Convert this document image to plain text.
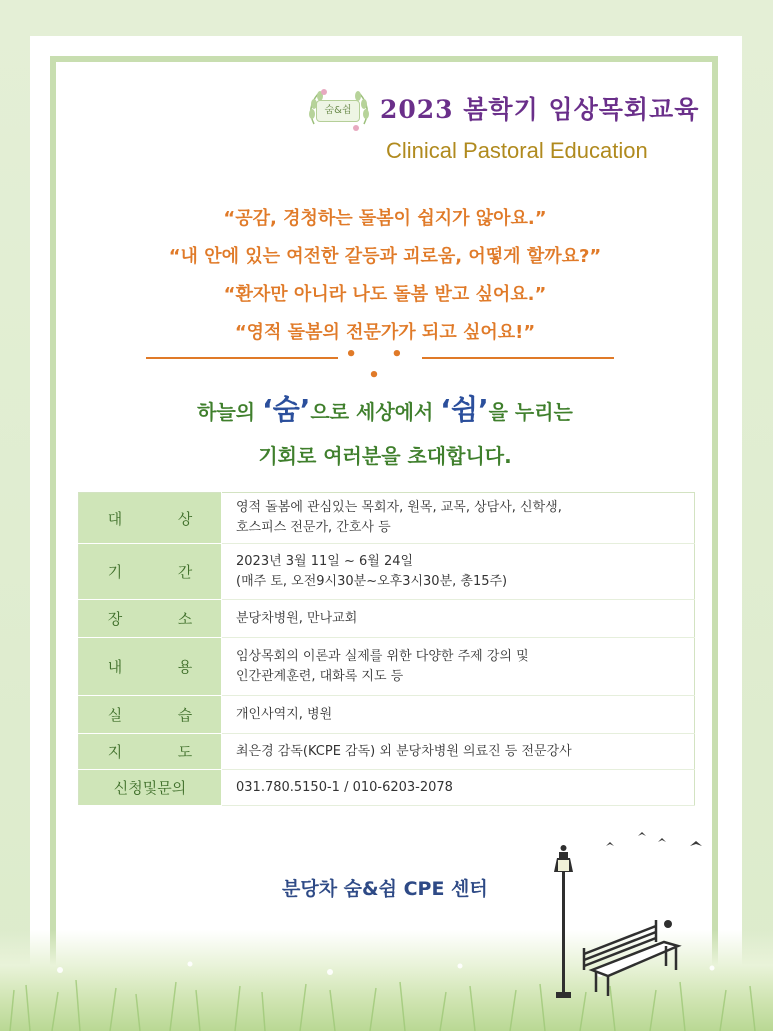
숨&쉼	2023 봄학기 임상목회교육
Clinical Pastoral Education
“공감, 경청하는 돌봄이 쉽지가 않아요.”
“내 안에 있는 여전한 갈등과 괴로움, 어떻게 할까요?”
“환자만 아니라 나도 돌봄 받고 싶어요.”
“영적 돌봄의 전문가가 되고 싶어요!”
• • •
하늘의 ‘숨’으로 세상에서 ‘쉼’을 누리는
기회로 여러분을 초대합니다.
대 상	영적 돌봄에 관심있는 목회자, 원목, 교목, 상담사, 신학생,
호스피스 전문가, 간호사 등

기 간	2023년 3월 11일 ~ 6월 24일
(매주 토, 오전9시30분~오후3시30분, 총15주)

장 소	분당차병원, 만나교회

내 용	임상목회의 이론과 실제를 위한 다양한 주제 강의 및
인간관계훈련, 대화록 지도 등

실 습	개인사역지, 병원

지 도	최은경 감독(KCPE 감독) 외 분당차병원 의료진 등 전문강사

신청및문의	031.780.5150-1 / 010-6203-2078
분당차 숨&쉼 CPE 센터
